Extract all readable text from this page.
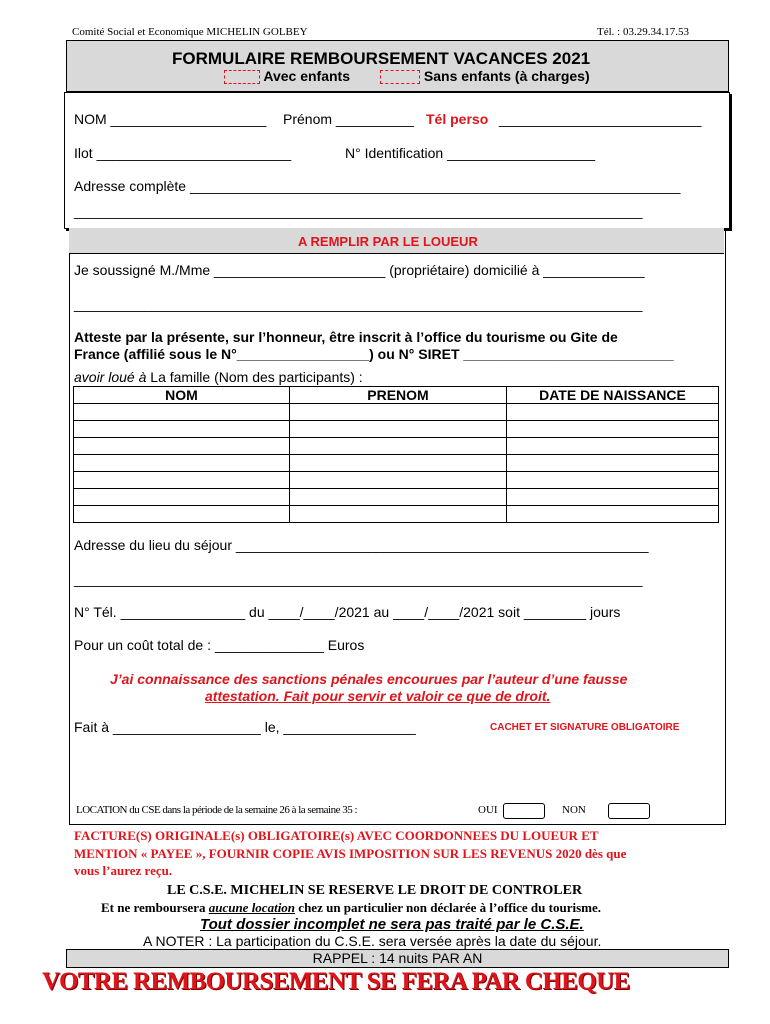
Comité Social et Economique MICHELIN GOLBEY	Tél. : 03.29.34.17.53
FORMULAIRE REMBOURSEMENT VACANCES 2021
Avec enfants	Sans enfants (à charges)
NOM ____________________ Prénom __________ Tél perso __________________________
Ilot _________________________	N° Identification ___________________
Adresse complète _______________________________________________________________
_________________________________________________________________________
A REMPLIR PAR LE LOUEUR
Je soussigné M./Mme ______________________ (propriétaire) domicilié à _____________
_________________________________________________________________________
Atteste par la présente, sur l’honneur, être inscrit à l’office du tourisme ou Gite de
France (affilié sous le N°_________________) ou N° SIRET ___________________________
avoir loué à La famille (Nom des participants) :
NOM	PRENOM	DATE DE NAISSANCE

Adresse du lieu du séjour _____________________________________________________
_________________________________________________________________________
N° Tél. ________________ du ____/____/2021 au ____/____/2021 soit ________ jours
Pour un coût total de : ______________ Euros
J’ai connaissance des sanctions pénales encourues par l’auteur d’une fausse
attestation. Fait pour servir et valoir ce que de droit.
Fait à ___________________ le, _________________	CACHET ET SIGNATURE OBLIGATOIRE
LOCATION du CSE dans la période de la semaine 26 à la semaine 35 :	OUI	NON
FACTURE(S) ORIGINALE(s) OBLIGATOIRE(s) AVEC COORDONNEES DU LOUEUR ET
MENTION « PAYEE », FOURNIR COPIE AVIS IMPOSITION SUR LES REVENUS 2020 dès que
vous l’aurez reçu.
LE C.S.E. MICHELIN SE RESERVE LE DROIT DE CONTROLER
Et ne remboursera aucune location chez un particulier non déclarée à l’office du tourisme.
Tout dossier incomplet ne sera pas traité par le C.S.E.
A NOTER : La participation du C.S.E. sera versée après la date du séjour.
RAPPEL : 14 nuits PAR AN
VOTRE REMBOURSEMENT SE FERA PAR CHEQUE
